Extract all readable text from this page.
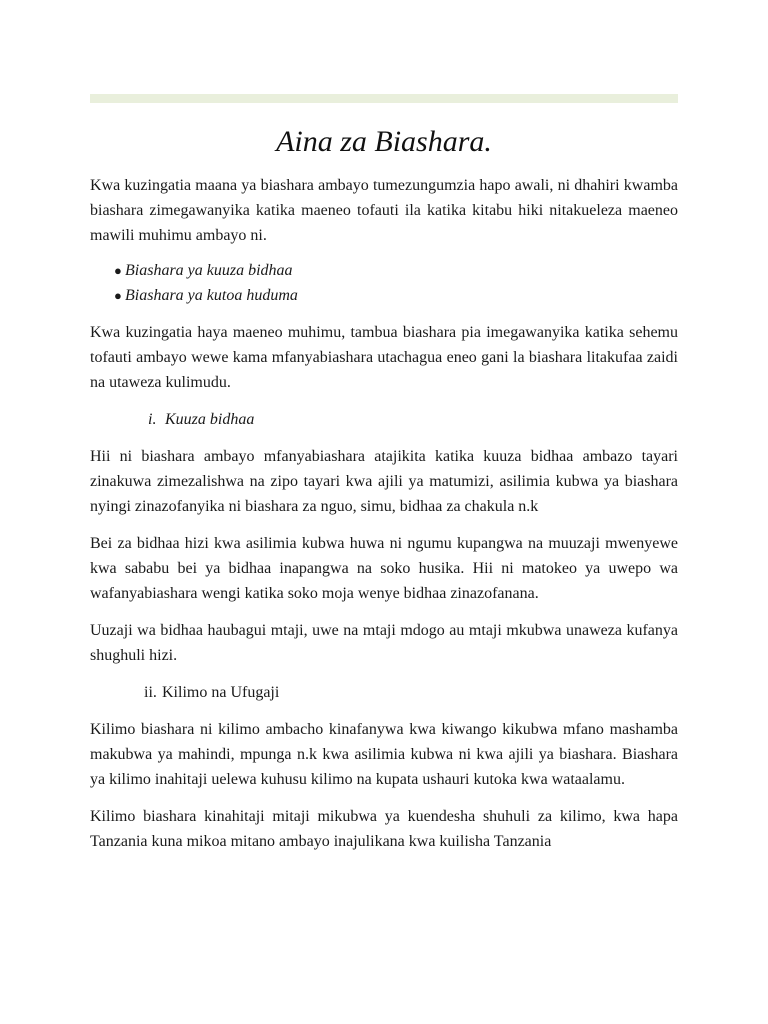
Aina za Biashara.

Kwa kuzingatia maana ya biashara ambayo tumezungumzia hapo awali, ni dhahiri kwamba biashara zimegawanyika katika maeneo tofauti ila katika kitabu hiki nitakueleza maeneo mawili muhimu ambayo ni.

● Biashara ya kuuza bidhaa
● Biashara ya kutoa huduma

Kwa kuzingatia haya maeneo muhimu, tambua biashara pia imegawanyika katika sehemu tofauti ambayo wewe kama mfanyabiashara utachagua eneo gani la biashara litakufaa zaidi na utaweza kulimudu.

i. Kuuza bidhaa

Hii ni biashara ambayo mfanyabiashara atajikita katika kuuza bidhaa ambazo tayari zinakuwa zimezalishwa na zipo tayari kwa ajili ya matumizi, asilimia kubwa ya biashara nyingi zinazofanyika ni biashara za nguo, simu, bidhaa za chakula n.k

Bei za bidhaa hizi kwa asilimia kubwa huwa ni ngumu kupangwa na muuzaji mwenyewe kwa sababu bei ya bidhaa inapangwa na soko husika. Hii ni matokeo ya uwepo wa wafanyabiashara wengi katika soko moja wenye bidhaa zinazofanana.

Uuzaji wa bidhaa haubagui mtaji, uwe na mtaji mdogo au mtaji mkubwa unaweza kufanya shughuli hizi.

ii. Kilimo na Ufugaji

Kilimo biashara ni kilimo ambacho kinafanywa kwa kiwango kikubwa mfano mashamba makubwa ya mahindi, mpunga n.k kwa asilimia kubwa ni kwa ajili ya biashara. Biashara ya kilimo inahitaji uelewa kuhusu kilimo na kupata ushauri kutoka kwa wataalamu.

Kilimo biashara kinahitaji mitaji mikubwa ya kuendesha shuhuli za kilimo, kwa hapa Tanzania kuna mikoa mitano ambayo inajulikana kwa kuilisha Tanzania
